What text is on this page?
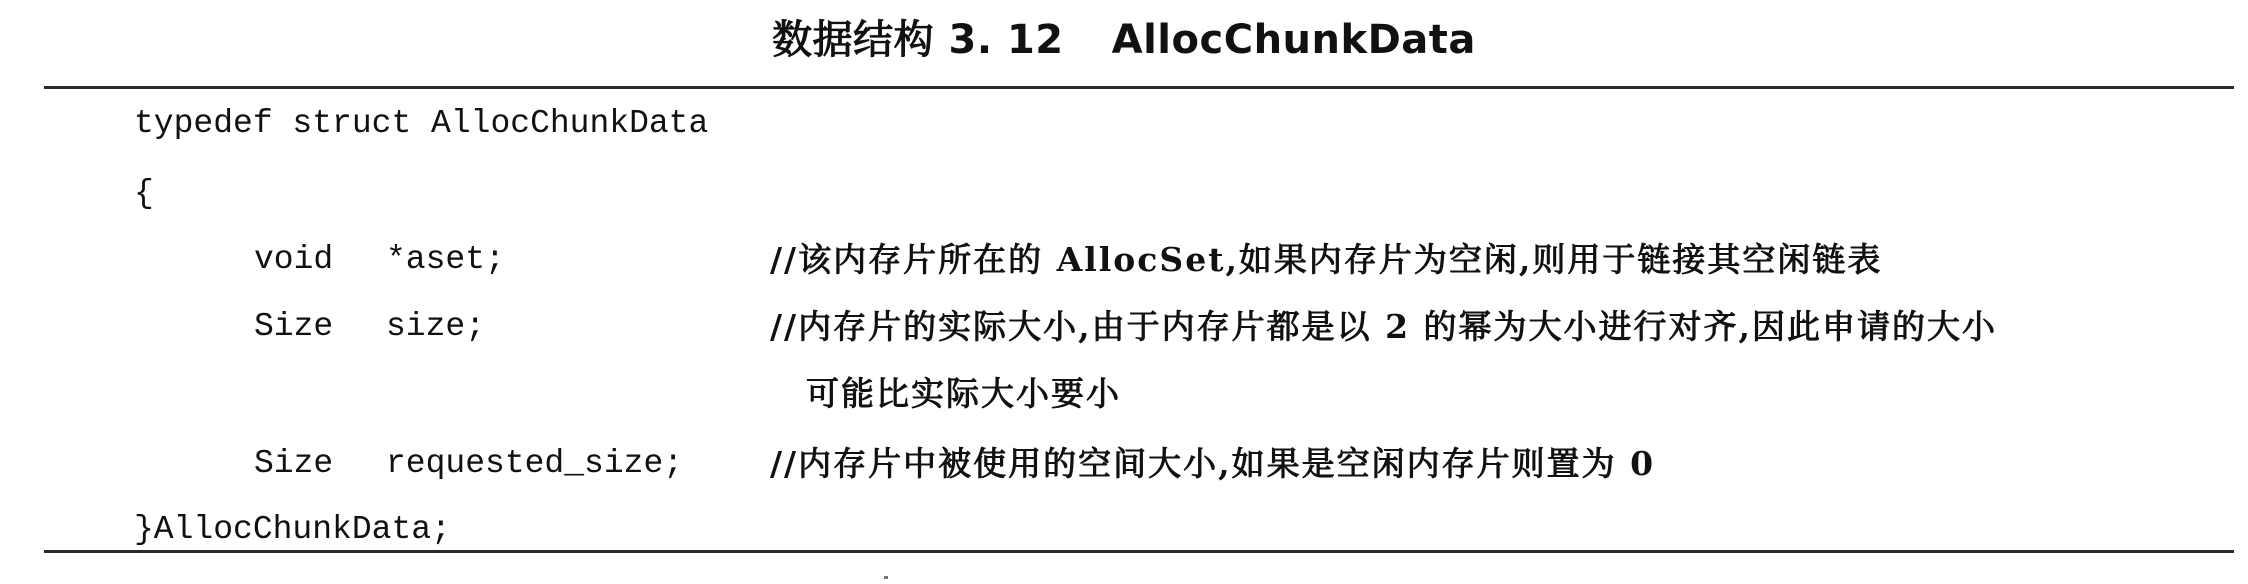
数据结构 3. 12 AllocChunkData
typedef struct AllocChunkData
{
void *aset;	//该内存片所在的 AllocSet,如果内存片为空闲,则用于链接其空闲链表
Size size;	//内存片的实际大小,由于内存片都是以 2 的幂为大小进行对齐,因此申请的大小
可能比实际大小要小
Size requested_size;	//内存片中被使用的空间大小,如果是空闲内存片则置为 0
}AllocChunkData;
